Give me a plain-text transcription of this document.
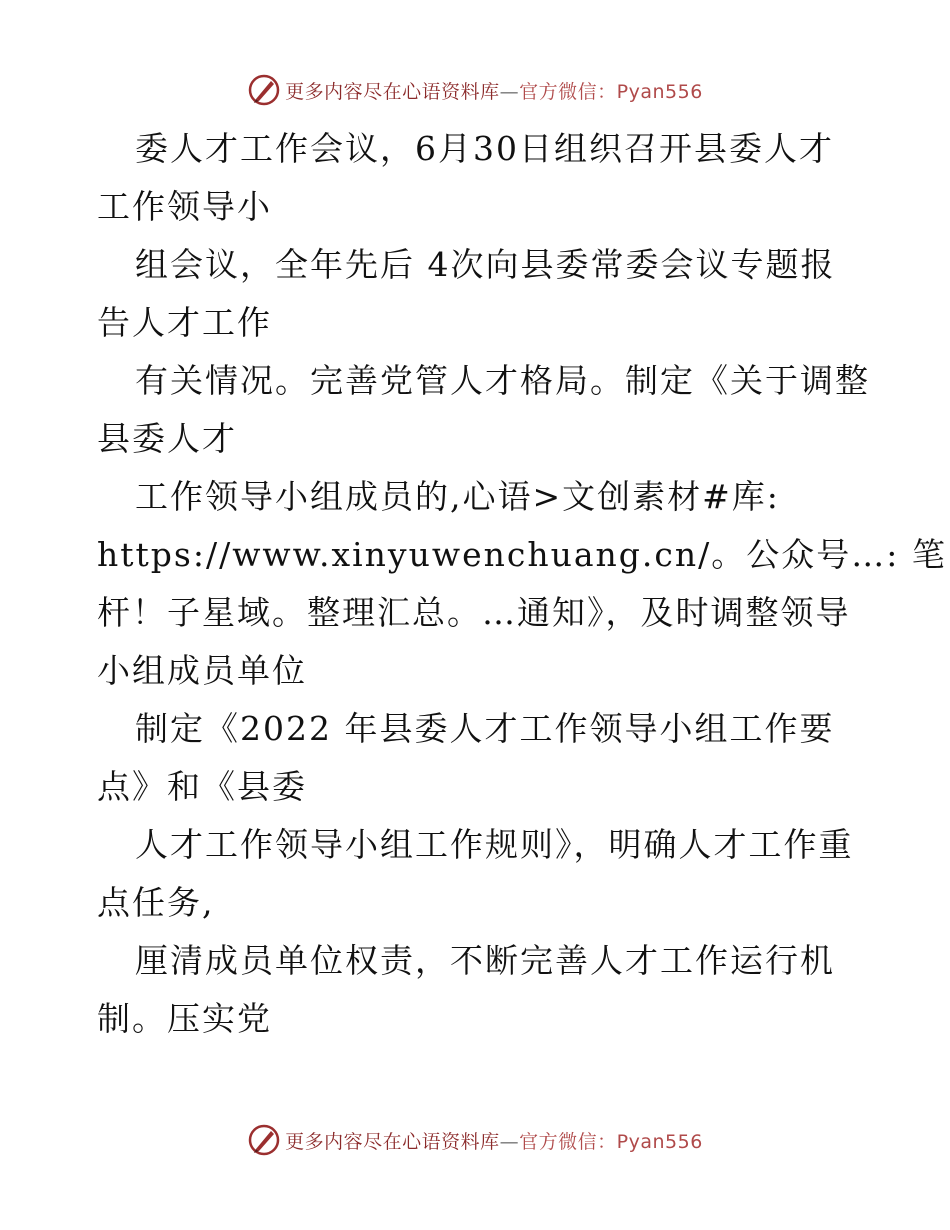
更多内容尽在心语资料库—官方微信：Pyan556
委人才工作会议，6月30日组织召开县委人才
工作领导小
组会议，全年先后 4次向县委常委会议专题报
告人才工作
有关情况。完善党管人才格局。制定《关于调整
县委人才
工作领导小组成员的,心语>文创素材#库:
https://www.xinyuwenchuang.cn/。公众号…: 笔
杆！子星域。整理汇总。…通知》，及时调整领导
小组成员单位
制定《2022 年县委人才工作领导小组工作要
点》和《县委
人才工作领导小组工作规则》，明确人才工作重
点任务,
厘清成员单位权责，不断完善人才工作运行机
制。压实党
更多内容尽在心语资料库—官方微信：Pyan556
